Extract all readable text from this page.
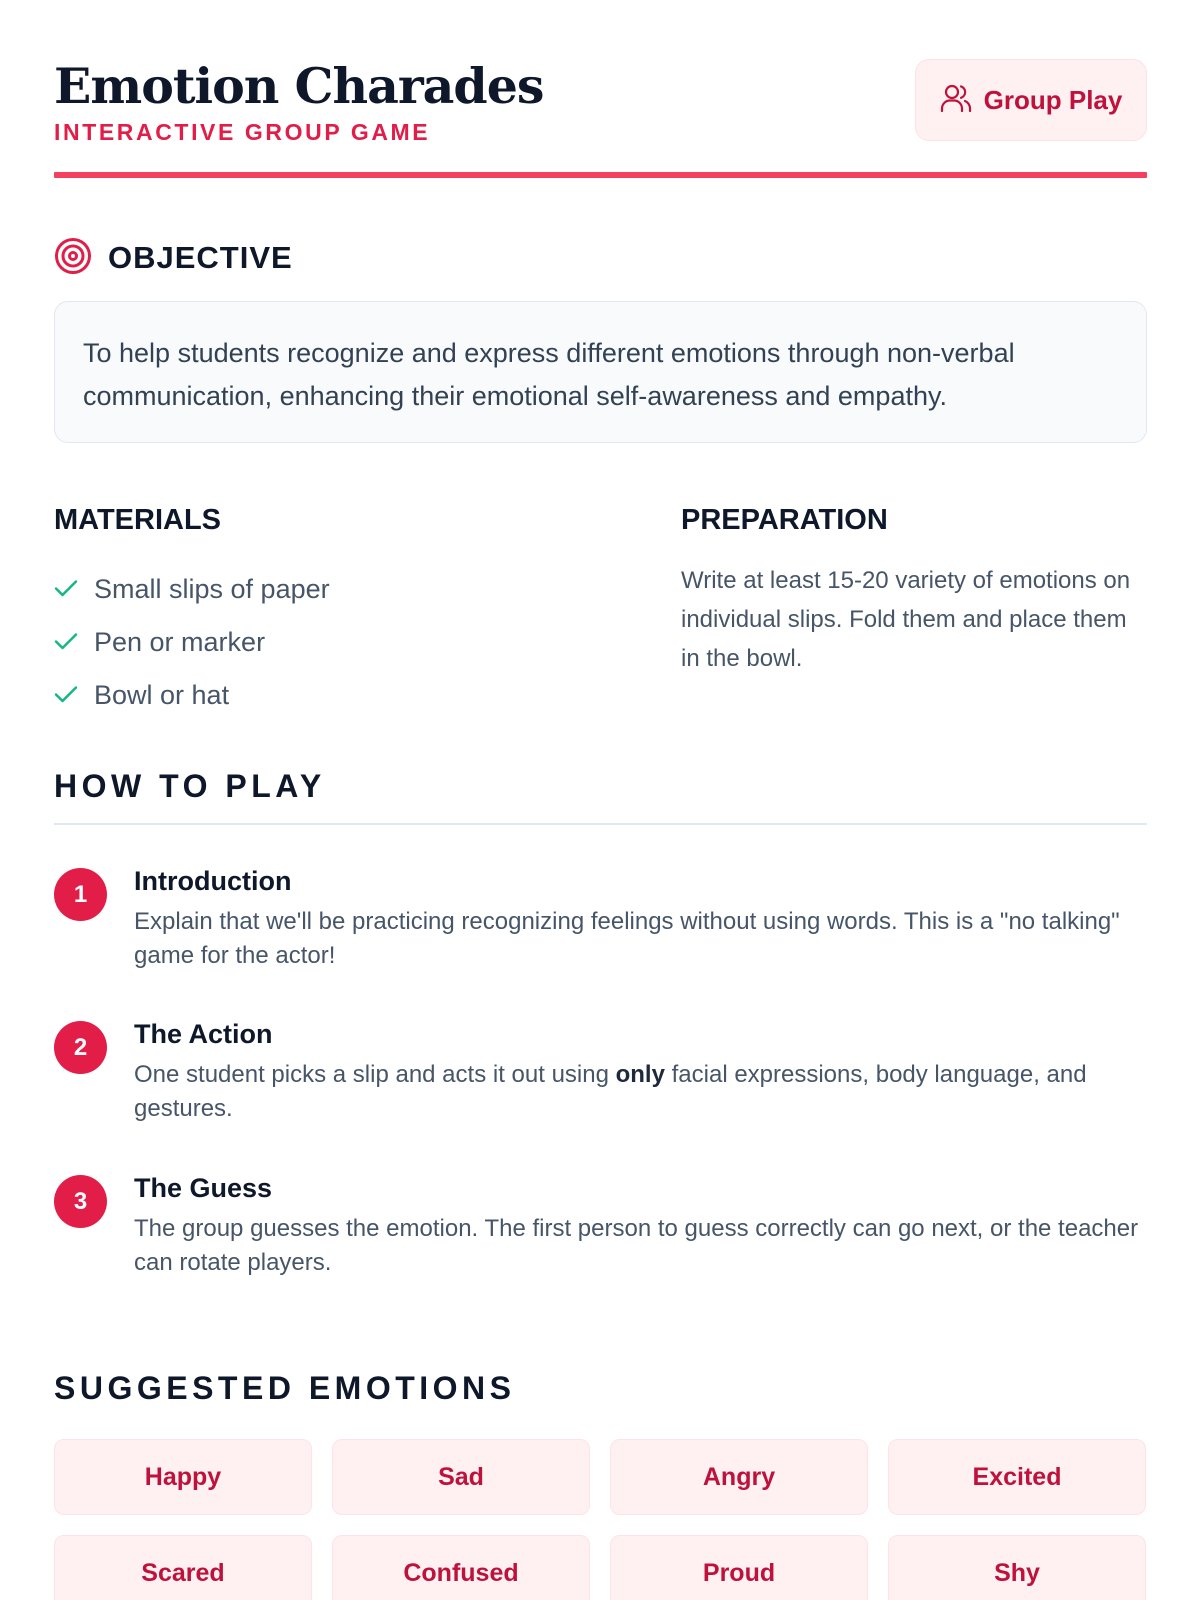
Emotion Charades
INTERACTIVE GROUP GAME
Group Play
OBJECTIVE

To help students recognize and express different emotions through non-verbal communication, enhancing their emotional self-awareness and empathy.

MATERIALS
Small slips of paper
Pen or marker
Bowl or hat
PREPARATION

Write at least 15-20 variety of emotions on individual slips. Fold them and place them in the bowl.

HOW TO PLAY
1	Introduction
Explain that we'll be practicing recognizing feelings without using words. This is a "no talking" game for the actor!
2	The Action
One student picks a slip and acts it out using only facial expressions, body language, and gestures.
3	The Guess
The group guesses the emotion. The first person to guess correctly can go next, or the teacher can rotate players.
SUGGESTED EMOTIONS
Happy	Sad	Angry	Excited
Scared	Confused	Proud	Shy
